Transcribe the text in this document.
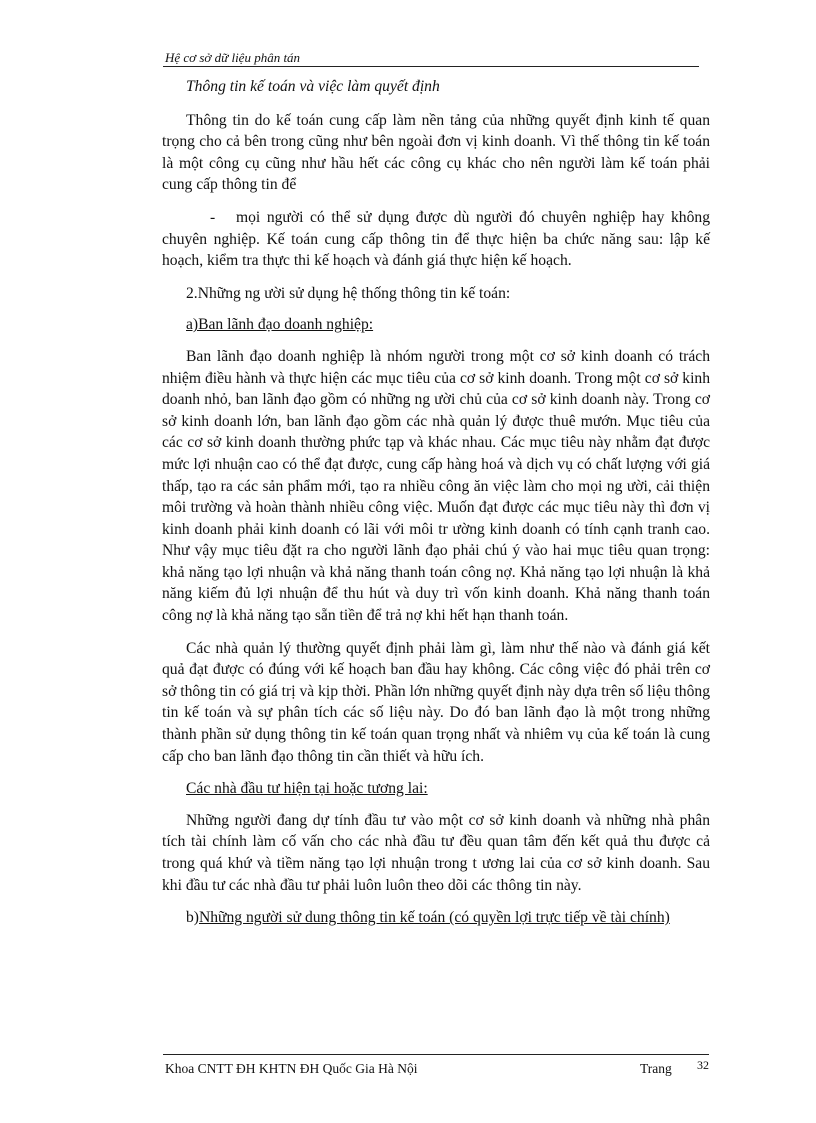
Hệ cơ sở dữ liệu phân tán

Thông tin kế toán và việc làm quyết định

Thông tin do kế toán cung cấp làm nền tảng của những quyết định kinh tế quan trọng cho cả bên trong cũng như bên ngoài đơn vị kinh doanh. Vì thế thông tin kế toán là một công cụ cũng như hầu hết các công cụ khác cho nên người làm kế toán phải cung cấp thông tin để

- mọi người có thể sử dụng được dù người đó chuyên nghiệp hay không chuyên nghiệp. Kế toán cung cấp thông tin để thực hiện ba chức năng sau: lập kế hoạch, kiểm tra thực thi kế hoạch và đánh giá thực hiện kế hoạch.

2.Những ng ười sử dụng hệ thống thông tin kế toán:

a)Ban lãnh đạo doanh nghiệp:

Ban lãnh đạo doanh nghiệp là nhóm người trong một cơ sở kinh doanh có trách nhiệm điều hành và thực hiện các mục tiêu của cơ sở kinh doanh. Trong một cơ sở kinh doanh nhỏ, ban lãnh đạo gồm có những ng ười chủ của cơ sở kinh doanh này. Trong cơ sở kinh doanh lớn, ban lãnh đạo gồm các nhà quản lý được thuê mướn. Mục tiêu của các cơ sở kinh doanh thường phức tạp và khác nhau. Các mục tiêu này nhằm đạt được mức lợi nhuận cao có thể đạt được, cung cấp hàng hoá và dịch vụ có chất lượng với giá thấp, tạo ra các sản phẩm mới, tạo ra nhiều công ăn việc làm cho mọi ng ười, cải thiện môi trường và hoàn thành nhiều công việc. Muốn đạt được các mục tiêu này thì đơn vị kinh doanh phải kinh doanh có lãi với môi tr ường kinh doanh có tính cạnh tranh cao. Như vậy mục tiêu đặt ra cho người lãnh đạo phải chú ý vào hai mục tiêu quan trọng: khả năng tạo lợi nhuận và khả năng thanh toán công nợ. Khả năng tạo lợi nhuận là khả năng kiếm đủ lợi nhuận để thu hút và duy trì vốn kinh doanh. Khả năng thanh toán công nợ là khả năng tạo sẵn tiền để trả nợ khi hết hạn thanh toán.

Các nhà quản lý thường quyết định phải làm gì, làm như thế nào và đánh giá kết quả đạt được có đúng với kế hoạch ban đầu hay không. Các công việc đó phải trên cơ sở thông tin có giá trị và kịp thời. Phần lớn những quyết định này dựa trên số liệu thông tin kế toán và sự phân tích các số liệu này. Do đó ban lãnh đạo là một trong những thành phần sử dụng thông tin kế toán quan trọng nhất và nhiêm vụ của kế toán là cung cấp cho ban lãnh đạo thông tin cần thiết và hữu ích.

Các nhà đầu tư hiện tại hoặc tương lai:

Những người đang dự tính đầu tư vào một cơ sở kinh doanh và những nhà phân tích tài chính làm cố vấn cho các nhà đầu tư đều quan tâm đến kết quả thu được cả trong quá khứ và tiềm năng tạo lợi nhuận trong t ương lai của cơ sở kinh doanh. Sau khi đầu tư các nhà đầu tư phải luôn luôn theo dõi các thông tin này.

b)Những người sử dung thông tin kế toán (có quyền lợi trực tiếp về tài chính)

Khoa CNTT ĐH KHTN ĐH Quốc Gia Hà Nội	Trang 32
